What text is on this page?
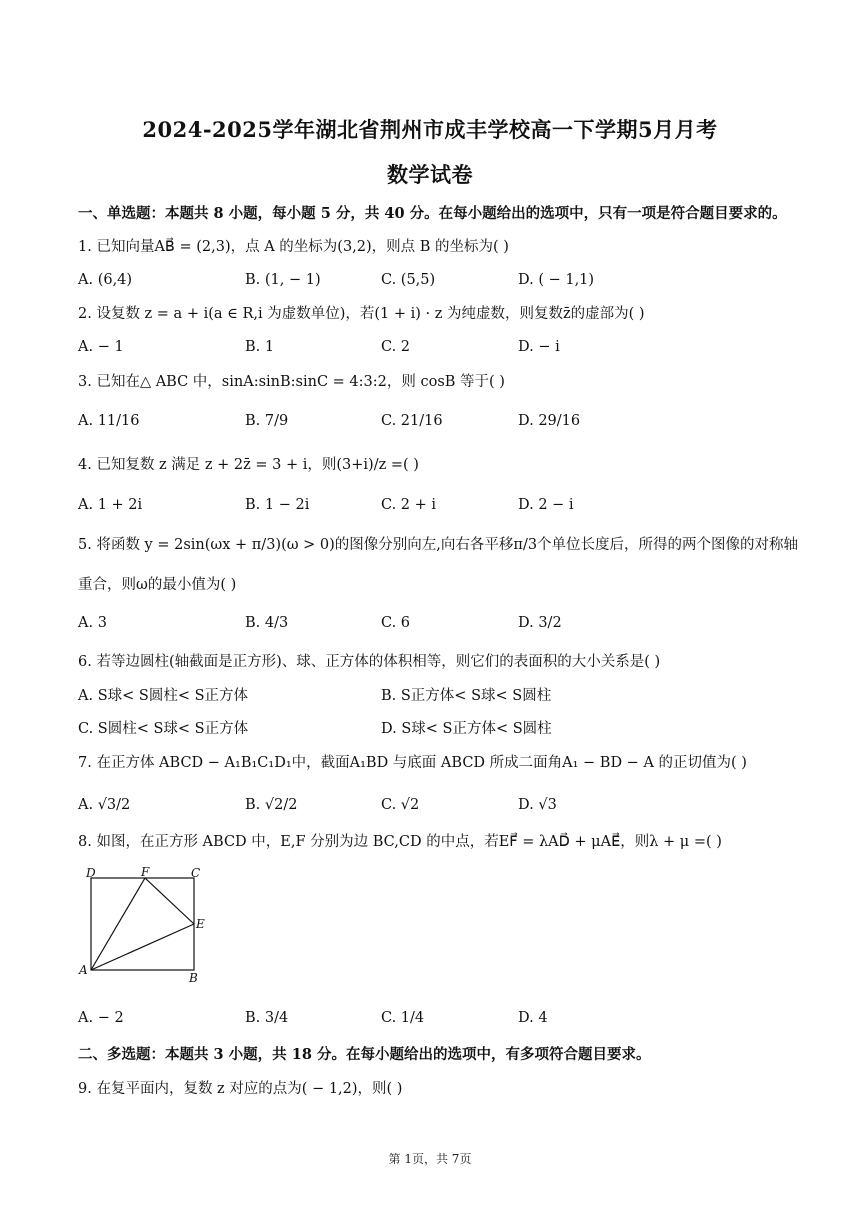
2024-2025学年湖北省荆州市成丰学校高一下学期5月月考
数学试卷
一、单选题：本题共 8 小题，每小题 5 分，共 40 分。在每小题给出的选项中，只有一项是符合题目要求的。
1. 已知向量AB⃗ = (2,3)，点 A 的坐标为(3,2)，则点 B 的坐标为( )
A. (6,4)	B. (1, − 1)	C. (5,5)	D. ( − 1,1)
2. 设复数 z = a + i(a ∈ R,i 为虚数单位)，若(1 + i) · z 为纯虚数，则复数z̄的虚部为( )
A. − 1	B. 1	C. 2	D. − i
3. 已知在△ ABC 中，sinA:sinB:sinC = 4:3:2，则 cosB 等于( )
A. 11/16	B. 7/9	C. 21/16	D. 29/16
4. 已知复数 z 满足 z + 2z̄ = 3 + i，则(3+i)/z =( )
A. 1 + 2i	B. 1 − 2i	C. 2 + i	D. 2 − i
5. 将函数 y = 2sin(ωx + π/3)(ω > 0)的图像分别向左,向右各平移π/3个单位长度后，所得的两个图像的对称轴
重合，则ω的最小值为( )
A. 3	B. 4/3	C. 6	D. 3/2
6. 若等边圆柱(轴截面是正方形)、球、正方体的体积相等，则它们的表面积的大小关系是( )
A. S球< S圆柱< S正方体	B. S正方体< S球< S圆柱
C. S圆柱< S球< S正方体	D. S球< S正方体< S圆柱
7. 在正方体 ABCD − A₁B₁C₁D₁中，截面A₁BD 与底面 ABCD 所成二面角A₁ − BD − A 的正切值为( )
A. √3/2	B. √2/2	C. √2	D. √3
8. 如图，在正方形 ABCD 中，E,F 分别为边 BC,CD 的中点，若EF⃗ = λAD⃗ + μAE⃗，则λ + μ =( )
D	F	C
E
A
B
A. − 2	B. 3/4	C. 1/4	D. 4
二、多选题：本题共 3 小题，共 18 分。在每小题给出的选项中，有多项符合题目要求。
9. 在复平面内，复数 z 对应的点为( − 1,2)，则( )
第 1页，共 7页
